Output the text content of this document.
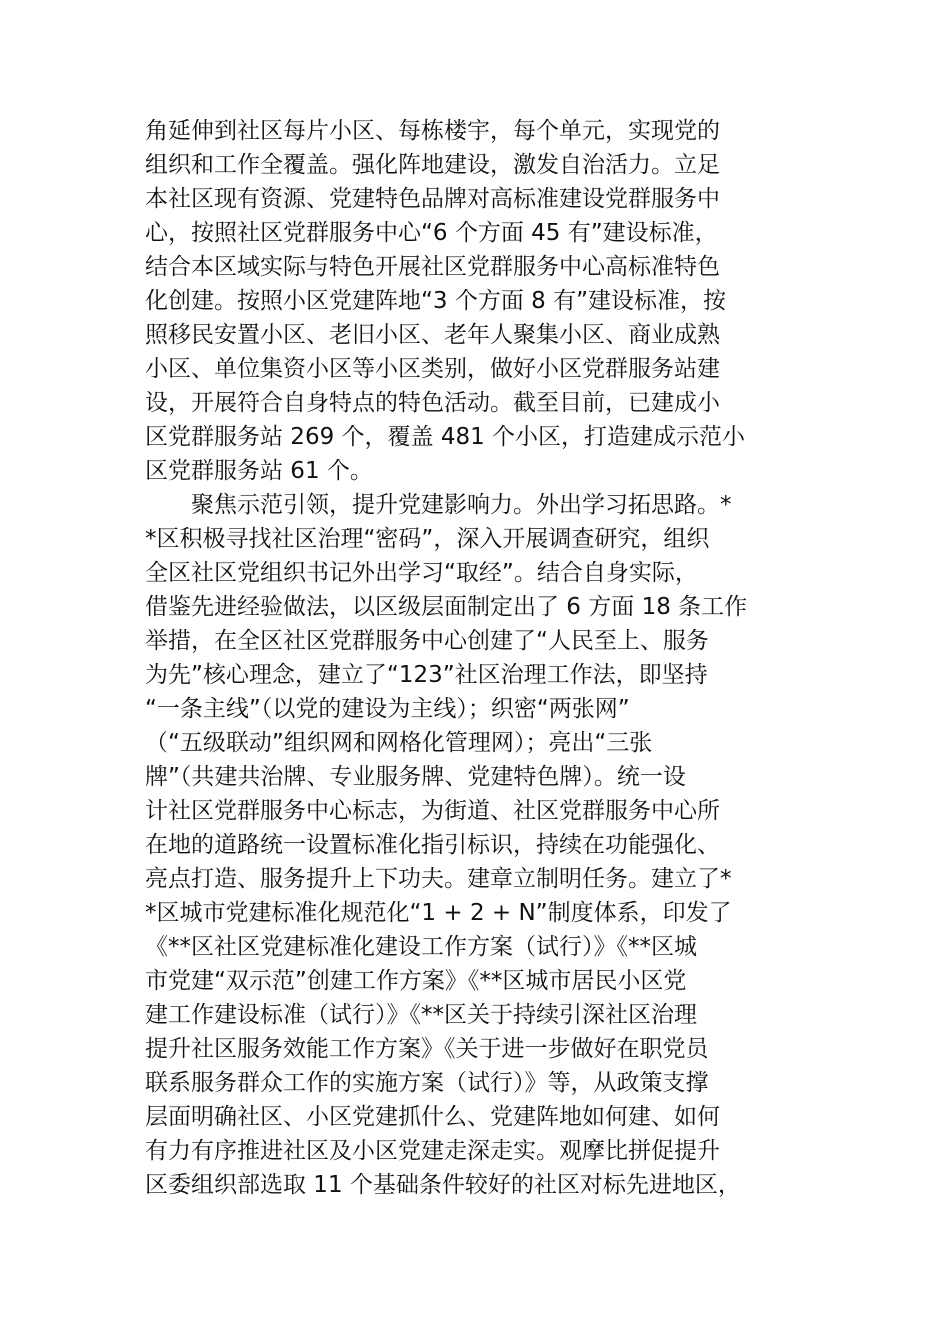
角延伸到社区每片小区、每栋楼宇，每个单元，实现党的
组织和工作全覆盖。强化阵地建设，激发自治活力。立足
本社区现有资源、党建特色品牌对高标准建设党群服务中
心，按照社区党群服务中心“6 个方面 45 有”建设标准，
结合本区域实际与特色开展社区党群服务中心高标准特色
化创建。按照小区党建阵地“3 个方面 8 有”建设标准，按
照移民安置小区、老旧小区、老年人聚集小区、商业成熟
小区、单位集资小区等小区类别，做好小区党群服务站建
设，开展符合自身特点的特色活动。截至目前，已建成小
区党群服务站 269 个，覆盖 481 个小区，打造建成示范小
区党群服务站 61 个。
聚焦示范引领，提升党建影响力。外出学习拓思路。*
*区积极寻找社区治理“密码”，深入开展调查研究，组织
全区社区党组织书记外出学习“取经”。结合自身实际，
借鉴先进经验做法，以区级层面制定出了 6 方面 18 条工作
举措，在全区社区党群服务中心创建了“人民至上、服务
为先”核心理念，建立了“123”社区治理工作法，即坚持
“一条主线”（以党的建设为主线）；织密“两张网”
（“五级联动”组织网和网格化管理网）；亮出“三张
牌”（共建共治牌、专业服务牌、党建特色牌）。统一设
计社区党群服务中心标志，为街道、社区党群服务中心所
在地的道路统一设置标准化指引标识，持续在功能强化、
亮点打造、服务提升上下功夫。建章立制明任务。建立了*
*区城市党建标准化规范化“1 + 2 + N”制度体系，印发了
《**区社区党建标准化建设工作方案（试行）》《**区城
市党建“双示范”创建工作方案》《**区城市居民小区党
建工作建设标准（试行）》《**区关于持续引深社区治理
提升社区服务效能工作方案》《关于进一步做好在职党员
联系服务群众工作的实施方案（试行）》等，从政策支撑
层面明确社区、小区党建抓什么、党建阵地如何建、如何
有力有序推进社区及小区党建走深走实。观摩比拼促提升
区委组织部选取 11 个基础条件较好的社区对标先进地区，
